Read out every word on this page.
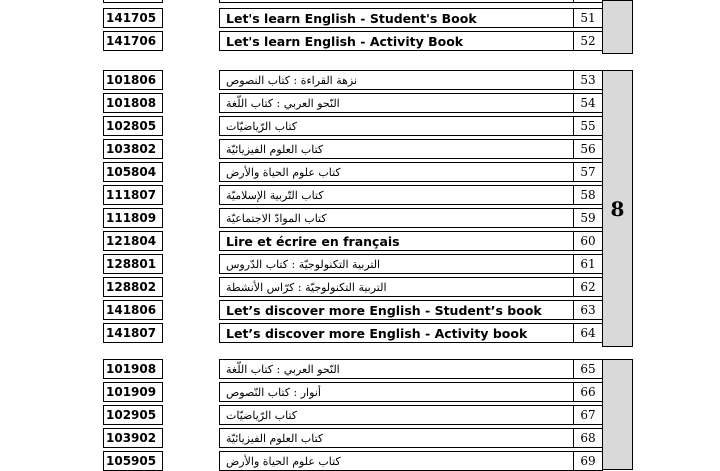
141705	Let's learn English - Student's Book	51
141706	Let's learn English - Activity Book	52
8
101806	نزهة القراءة : كتاب النصوص	53
101808	النّحو العربي : كتاب اللّغة	54
102805	كتاب الرّياضيّات	55
103802	كتاب العلوم الفيزيائيّة	56
105804	كتاب علوم الحياة والأرض	57
111807	كتاب التّربية الإسلاميّة	58
111809	كتاب الموادّ الاجتماعيّة	59
121804	Lire et écrire en français	60
128801	التربية التكنولوجيّة : كتاب الدّروس	61
128802	التربية التكنولوجيّة : كرّاس الأنشطة	62
141806	Let’s discover more English - Student’s book	63
141807	Let’s discover more English - Activity book	64
101908	النّحو العربي : كتاب اللّغة	65
101909	أنوار : كتاب النّصوص	66
102905	كتاب الرّياضيّات	67
103902	كتاب العلوم الفيزيائيّة	68
105905	كتاب علوم الحياة والأرض	69
